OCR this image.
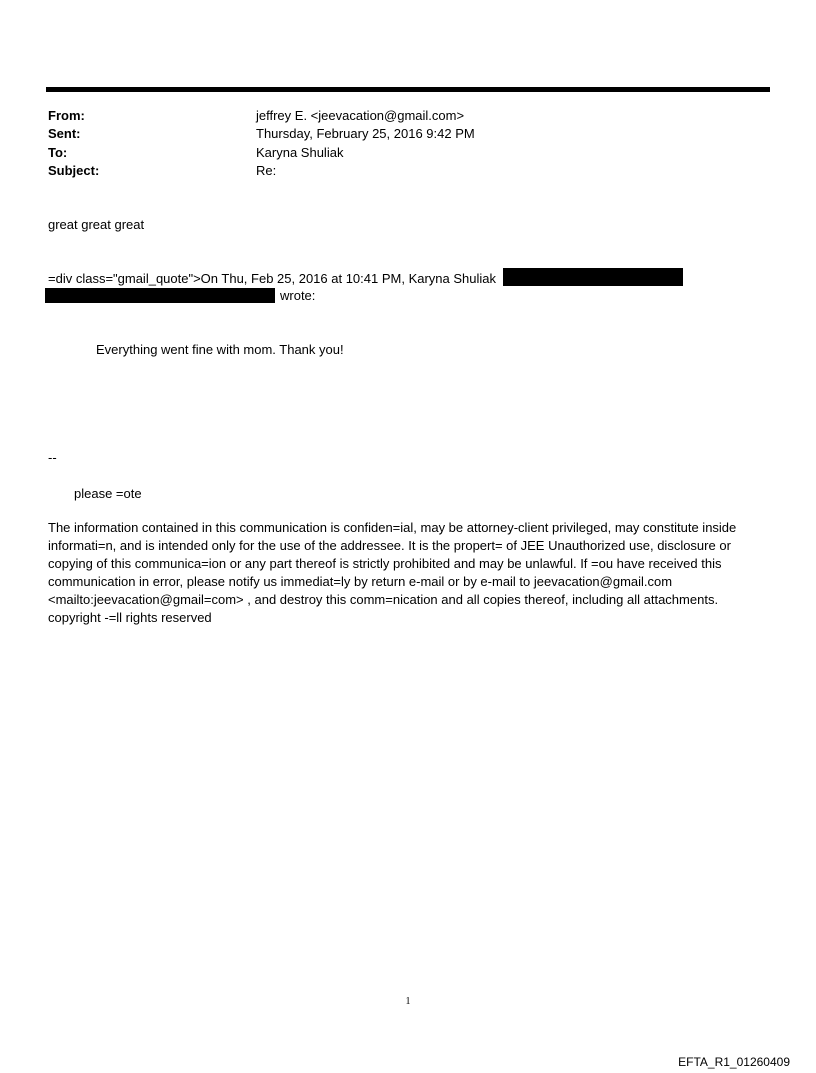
From:	jeffrey E. <jeevacation@gmail.com>
Sent:	Thursday, February 25, 2016 9:42 PM
To:	Karyna Shuliak
Subject:	Re:
great great great
=div class="gmail_quote">On Thu, Feb 25, 2016 at 10:41 PM, Karyna Shuliak
wrote:
Everything went fine with mom. Thank you!
--
please =ote
The information contained in this communication is confiden=ial, may be attorney-client privileged, may constitute inside informati=n, and is intended only for the use of the addressee. It is the propert= of JEE Unauthorized use, disclosure or copying of this communica=ion or any part thereof is strictly prohibited and may be unlawful. If =ou have received this communication in error, please notify us immediat=ly by return e-mail or by e-mail to jeevacation@gmail.com <mailto:jeevacation@gmail=com> , and destroy this comm=nication and all copies thereof, including all attachments. copyright -=ll rights reserved
1
EFTA_R1_01260409
